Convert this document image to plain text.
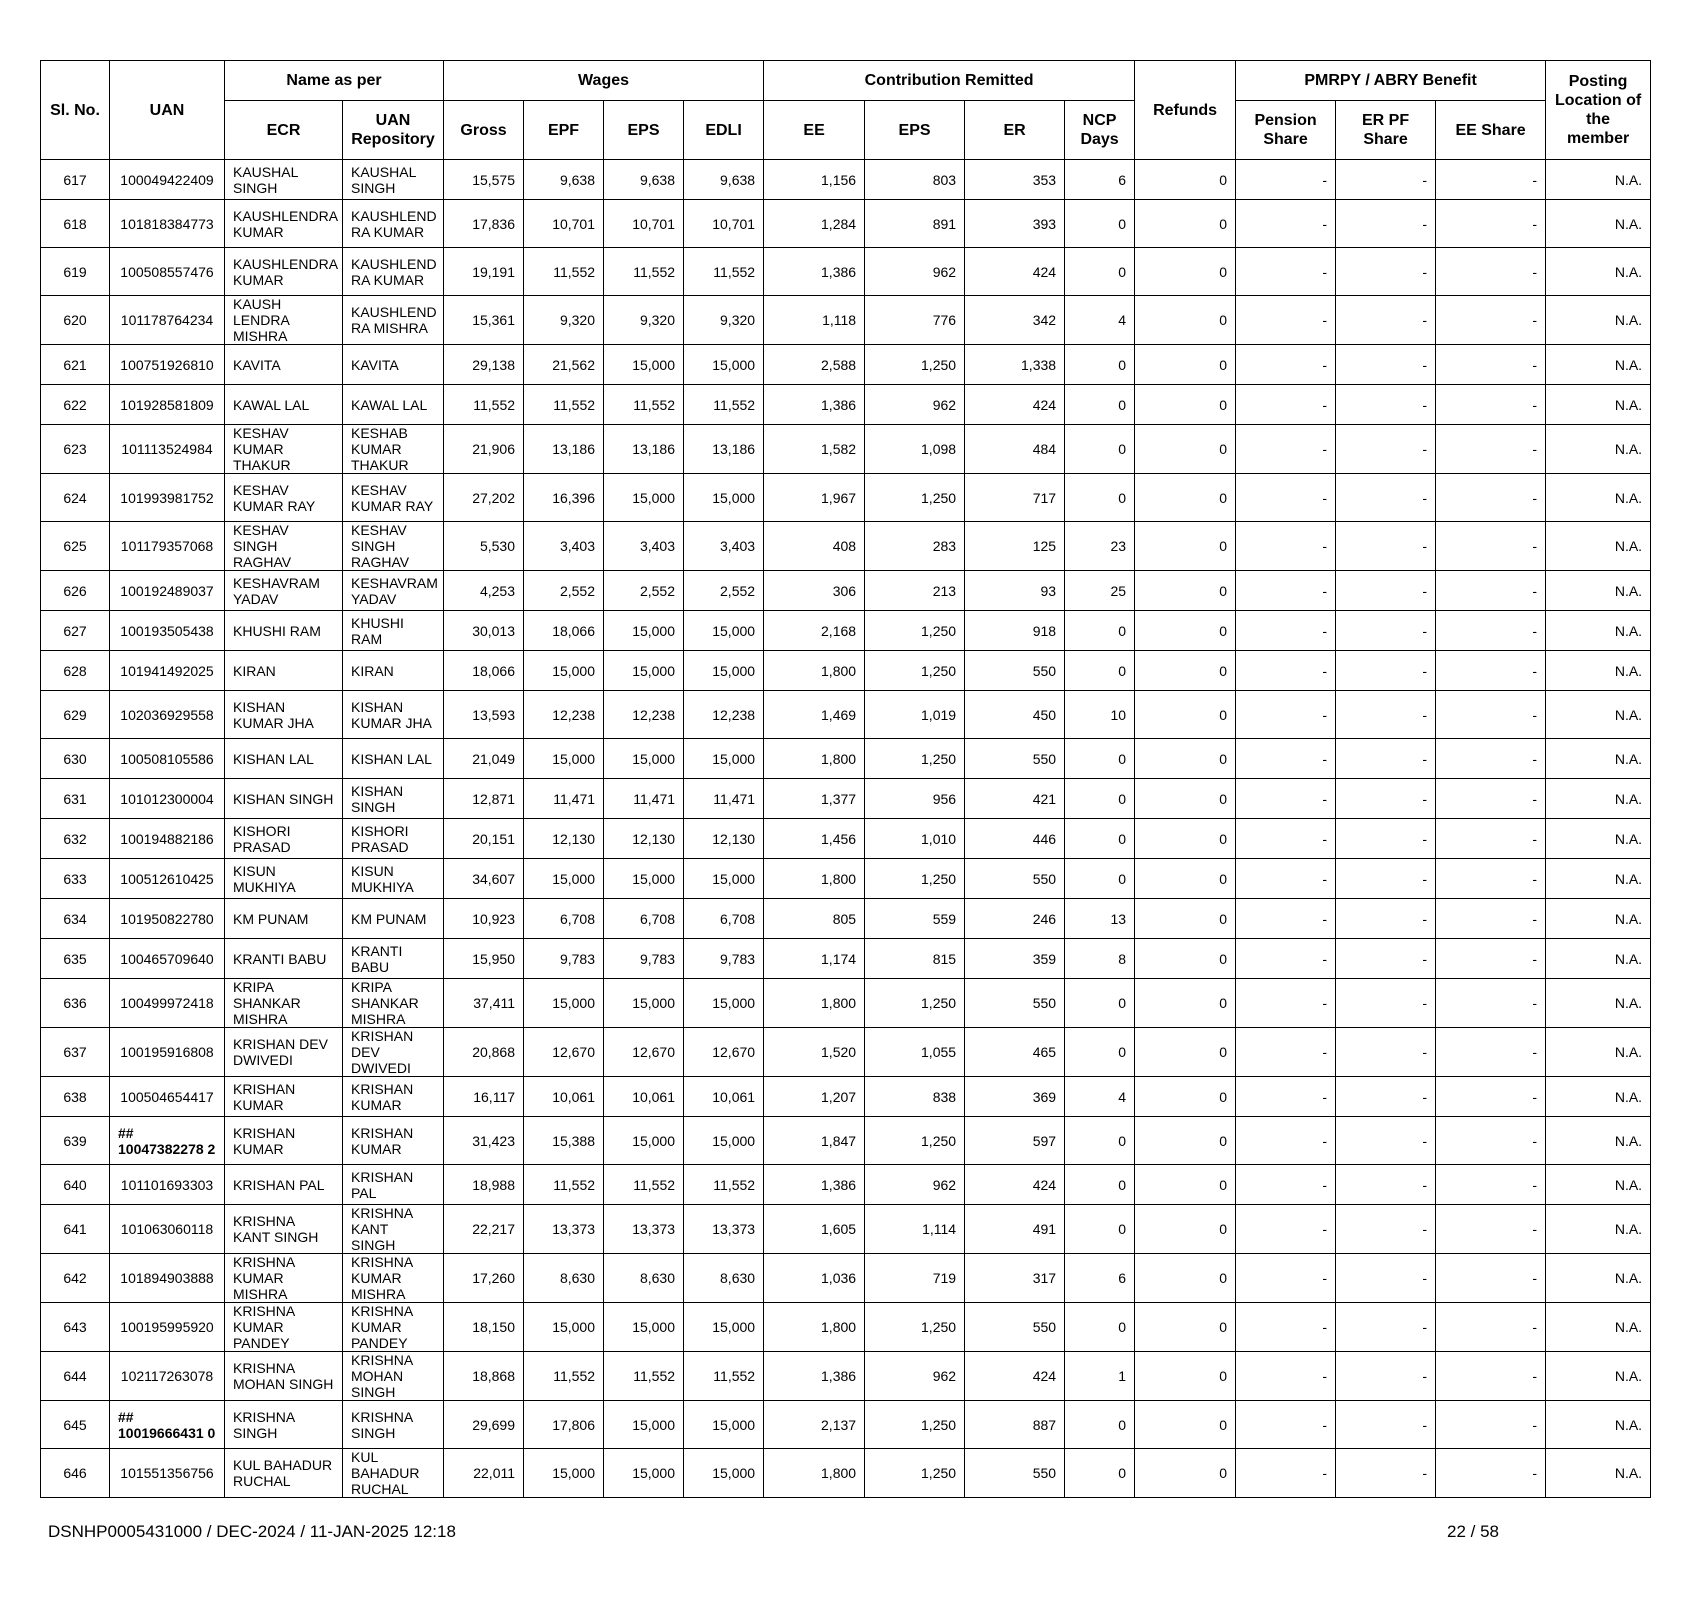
Sl. No.	UAN	Name as per		Wages				Contribution Remitted				Refunds	PMRPY / ABRY Benefit			Posting Location of the member
		ECR	UAN Repository	Gross	EPF	EPS	EDLI	EE	EPS	ER	NCP Days		Pension Share	ER PF Share	EE Share	
617	100049422409	KAUSHAL SINGH	KAUSHAL SINGH	15,575	9,638	9,638	9,638	1,156	803	353	6	0	-	-	-	N.A.
618	101818384773	KAUSHLENDRA KUMAR	KAUSHLEND RA KUMAR	17,836	10,701	10,701	10,701	1,284	891	393	0	0	-	-	-	N.A.
619	100508557476	KAUSHLENDRA KUMAR	KAUSHLEND RA KUMAR	19,191	11,552	11,552	11,552	1,386	962	424	0	0	-	-	-	N.A.
620	101178764234	KAUSH LENDRA MISHRA	KAUSHLEND RA MISHRA	15,361	9,320	9,320	9,320	1,118	776	342	4	0	-	-	-	N.A.
621	100751926810	KAVITA	KAVITA	29,138	21,562	15,000	15,000	2,588	1,250	1,338	0	0	-	-	-	N.A.
622	101928581809	KAWAL LAL	KAWAL LAL	11,552	11,552	11,552	11,552	1,386	962	424	0	0	-	-	-	N.A.
623	101113524984	KESHAV KUMAR THAKUR	KESHAB KUMAR THAKUR	21,906	13,186	13,186	13,186	1,582	1,098	484	0	0	-	-	-	N.A.
624	101993981752	KESHAV KUMAR RAY	KESHAV KUMAR RAY	27,202	16,396	15,000	15,000	1,967	1,250	717	0	0	-	-	-	N.A.
625	101179357068	KESHAV SINGH RAGHAV	KESHAV SINGH RAGHAV	5,530	3,403	3,403	3,403	408	283	125	23	0	-	-	-	N.A.
626	100192489037	KESHAVRAM YADAV	KESHAVRAM YADAV	4,253	2,552	2,552	2,552	306	213	93	25	0	-	-	-	N.A.
627	100193505438	KHUSHI RAM	KHUSHI RAM	30,013	18,066	15,000	15,000	2,168	1,250	918	0	0	-	-	-	N.A.
628	101941492025	KIRAN	KIRAN	18,066	15,000	15,000	15,000	1,800	1,250	550	0	0	-	-	-	N.A.
629	102036929558	KISHAN KUMAR JHA	KISHAN KUMAR JHA	13,593	12,238	12,238	12,238	1,469	1,019	450	10	0	-	-	-	N.A.
630	100508105586	KISHAN LAL	KISHAN LAL	21,049	15,000	15,000	15,000	1,800	1,250	550	0	0	-	-	-	N.A.
631	101012300004	KISHAN SINGH	KISHAN SINGH	12,871	11,471	11,471	11,471	1,377	956	421	0	0	-	-	-	N.A.
632	100194882186	KISHORI PRASAD	KISHORI PRASAD	20,151	12,130	12,130	12,130	1,456	1,010	446	0	0	-	-	-	N.A.
633	100512610425	KISUN MUKHIYA	KISUN MUKHIYA	34,607	15,000	15,000	15,000	1,800	1,250	550	0	0	-	-	-	N.A.
634	101950822780	KM PUNAM	KM PUNAM	10,923	6,708	6,708	6,708	805	559	246	13	0	-	-	-	N.A.
635	100465709640	KRANTI BABU	KRANTI BABU	15,950	9,783	9,783	9,783	1,174	815	359	8	0	-	-	-	N.A.
636	100499972418	KRIPA SHANKAR MISHRA	KRIPA SHANKAR MISHRA	37,411	15,000	15,000	15,000	1,800	1,250	550	0	0	-	-	-	N.A.
637	100195916808	KRISHAN DEV DWIVEDI	KRISHAN DEV DWIVEDI	20,868	12,670	12,670	12,670	1,520	1,055	465	0	0	-	-	-	N.A.
638	100504654417	KRISHAN KUMAR	KRISHAN KUMAR	16,117	10,061	10,061	10,061	1,207	838	369	4	0	-	-	-	N.A.
639	## 10047382278 2	KRISHAN KUMAR	KRISHAN KUMAR	31,423	15,388	15,000	15,000	1,847	1,250	597	0	0	-	-	-	N.A.
640	101101693303	KRISHAN PAL	KRISHAN PAL	18,988	11,552	11,552	11,552	1,386	962	424	0	0	-	-	-	N.A.
641	101063060118	KRISHNA KANT SINGH	KRISHNA KANT SINGH	22,217	13,373	13,373	13,373	1,605	1,114	491	0	0	-	-	-	N.A.
642	101894903888	KRISHNA KUMAR MISHRA	KRISHNA KUMAR MISHRA	17,260	8,630	8,630	8,630	1,036	719	317	6	0	-	-	-	N.A.
643	100195995920	KRISHNA KUMAR PANDEY	KRISHNA KUMAR PANDEY	18,150	15,000	15,000	15,000	1,800	1,250	550	0	0	-	-	-	N.A.
644	102117263078	KRISHNA MOHAN SINGH	KRISHNA MOHAN SINGH	18,868	11,552	11,552	11,552	1,386	962	424	1	0	-	-	-	N.A.
645	## 10019666431 0	KRISHNA SINGH	KRISHNA SINGH	29,699	17,806	15,000	15,000	2,137	1,250	887	0	0	-	-	-	N.A.
646	101551356756	KUL BAHADUR RUCHAL	KUL BAHADUR RUCHAL	22,011	15,000	15,000	15,000	1,800	1,250	550	0	0	-	-	-	N.A.
DSNHP0005431000 / DEC-2024 / 11-JAN-2025 12:18	22 / 58
